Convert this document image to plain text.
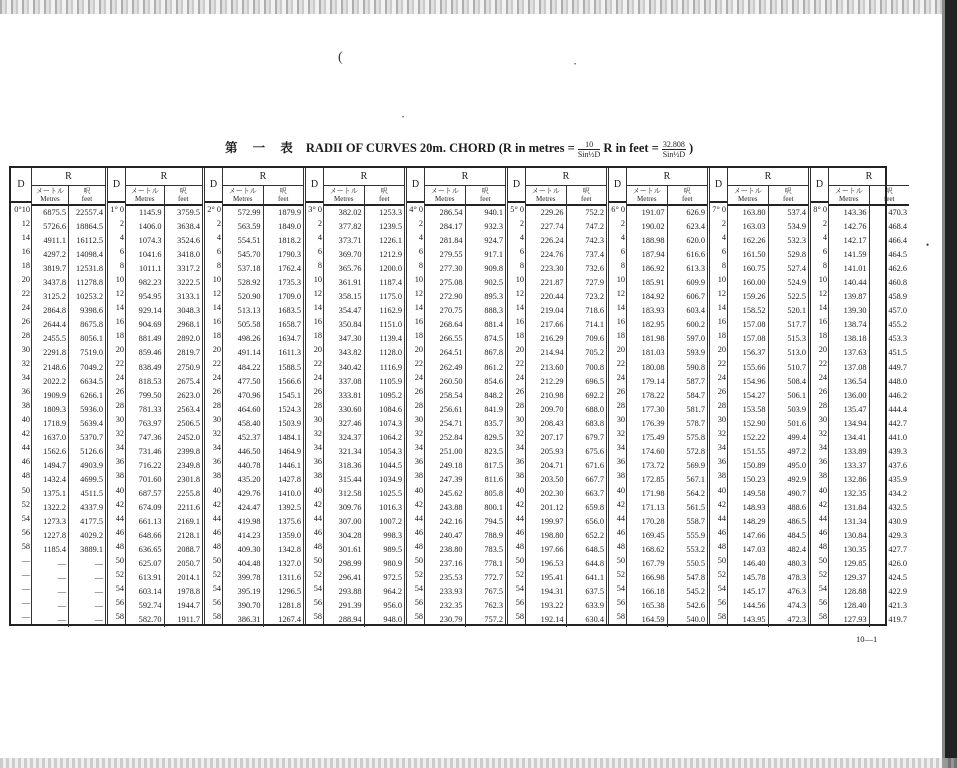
(	•
•
•
第 一 表 RADII OF CURVES 20m. CHORD (R in metres = $\frac{10}{\text{Sin½D}}$ R in feet = $\frac{32.808}{\text{Sin½D}}$ )
D
0°10
12
14
16
18
20
22
24
26
28
30
32
34
36
38
40
42
44
46
48
50
52
54
56
58
—
—
—
—
—
R
メートル
Metres
呎
feet
6875.5
5726.6
4911.1
4297.2
3819.7
3437.8
3125.2
2864.8
2644.4
2455.5
2291.8
2148.6
2022.2
1909.9
1809.3
1718.9
1637.0
1562.6
1494.7
1432.4
1375.1
1322.2
1273.3
1227.8
1185.4
—
—
—
—
—
22557.4
18864.5
16112.5
14098.4
12531.8
11278.8
10253.2
9398.6
8675.8
8056.1
7519.0
7049.2
6634.5
6266.1
5936.0
5639.4
5370.7
5126.6
4903.9
4699.5
4511.5
4337.9
4177.5
4029.2
3889.1
—
—
—
—
—
D
1° 0
2
4
6
8
10
12
14
16
18
20
22
24
26
28
30
32
34
36
38
40
42
44
46
48
50
52
54
56
58
R
メートル
Metres
呎
feet
1145.9
1406.0
1074.3
1041.6
1011.1
982.23
954.95
929.14
904.69
881.49
859.46
838.49
818.53
799.50
781.33
763.97
747.36
731.46
716.22
701.60
687.57
674.09
661.13
648.66
636.65
625.07
613.91
603.14
592.74
582.70
3759.5
3638.4
3524.6
3418.0
3317.2
3222.5
3133.1
3048.3
2968.1
2892.0
2819.7
2750.9
2675.4
2623.0
2563.4
2506.5
2452.0
2399.8
2349.8
2301.8
2255.8
2211.6
2169.1
2128.1
2088.7
2050.7
2014.1
1978.8
1944.7
1911.7
D
2° 0
2
4
6
8
10
12
14
16
18
20
22
24
26
28
30
32
34
36
38
40
42
44
46
48
50
52
54
56
58
R
メートル
Metres
呎
feet
572.99
563.59
554.51
545.70
537.18
528.92
520.90
513.13
505.58
498.26
491.14
484.22
477.50
470.96
464.60
458.40
452.37
446.50
440.78
435.20
429.76
424.47
419.98
414.23
409.30
404.48
399.78
395.19
390.70
386.31
1879.9
1849.0
1818.2
1790.3
1762.4
1735.3
1709.0
1683.5
1658.7
1634.7
1611.3
1588.5
1566.6
1545.1
1524.3
1503.9
1484.1
1464.9
1446.1
1427.8
1410.0
1392.5
1375.6
1359.0
1342.8
1327.0
1311.6
1296.5
1281.8
1267.4
D
3° 0
2
4
6
8
10
12
14
16
18
20
22
24
26
28
30
32
34
36
38
40
42
44
46
48
50
52
54
56
58
R
メートル
Metres
呎
feet
382.02
377.82
373.71
369.70
365.76
361.91
358.15
354.47
350.84
347.30
343.82
340.42
337.08
333.81
330.60
327.46
324.37
321.34
318.36
315.44
312.58
309.76
307.00
304.28
301.61
298.99
296.41
293.88
291.39
288.94
1253.3
1239.5
1226.1
1212.9
1200.0
1187.4
1175.0
1162.9
1151.0
1139.4
1128.0
1116.9
1105.9
1095.2
1084.6
1074.3
1064.2
1054.3
1044.5
1034.9
1025.5
1016.3
1007.2
998.3
989.5
980.9
972.5
964.2
956.0
948.0
D
4° 0
2
4
6
8
10
12
14
16
18
20
22
24
26
28
30
32
34
36
38
40
42
44
46
48
50
52
54
56
58
R
メートル
Metres
呎
feet
286.54
284.17
281.84
279.55
277.30
275.08
272.90
270.75
268.64
266.55
264.51
262.49
260.50
258.54
256.61
254.71
252.84
251.00
249.18
247.39
245.62
243.88
242.16
240.47
238.80
237.16
235.53
233.93
232.35
230.79
940.1
932.3
924.7
917.1
909.8
902.5
895.3
888.3
881.4
874.5
867.8
861.2
854.6
848.2
841.9
835.7
829.5
823.5
817.5
811.6
805.8
800.1
794.5
788.9
783.5
778.1
772.7
767.5
762.3
757.2
D
5° 0
2
4
6
8
10
12
14
16
18
20
22
24
26
28
30
32
34
36
38
40
42
44
46
48
50
52
54
56
58
R
メートル
Metres
呎
feet
229.26
227.74
226.24
224.76
223.30
221.87
220.44
219.04
217.66
216.29
214.94
213.60
212.29
210.98
209.70
208.43
207.17
205.93
204.71
203.50
202.30
201.12
199.97
198.80
197.66
196.53
195.41
194.31
193.22
192.14
752.2
747.2
742.3
737.4
732.6
727.9
723.2
718.6
714.1
709.6
705.2
700.8
696.5
692.2
688.0
683.8
679.7
675.6
671.6
667.7
663.7
659.8
656.0
652.2
648.5
644.8
641.1
637.5
633.9
630.4
D
6° 0
2
4
6
8
10
12
14
16
18
20
22
24
26
28
30
32
34
36
38
40
42
44
46
48
50
52
54
56
58
R
メートル
Metres
呎
feet
191.07
190.02
188.98
187.94
186.92
185.91
184.92
183.93
182.95
181.98
181.03
180.08
179.14
178.22
177.30
176.39
175.49
174.60
173.72
172.85
171.98
171.13
170.28
169.45
168.62
167.79
166.98
166.18
165.38
164.59
626.9
623.4
620.0
616.6
613.3
609.9
606.7
603.4
600.2
597.0
593.9
590.8
587.7
584.7
581.7
578.7
575.8
572.8
569.9
567.1
564.2
561.5
558.7
555.9
553.2
550.5
547.8
545.2
542.6
540.0
D
7° 0
2
4
6
8
10
12
14
16
18
20
22
24
26
28
30
32
34
36
38
40
42
44
46
48
50
52
54
56
58
R
メートル
Metres
呎
feet
163.80
163.03
162.26
161.50
160.75
160.00
159.26
158.52
157.08
157.08
156.37
155.66
154.96
154.27
153.58
152.90
152.22
151.55
150.89
150.23
149.58
148.93
148.29
147.66
147.03
146.40
145.78
145.17
144.56
143.95
537.4
534.9
532.3
529.8
527.4
524.9
522.5
520.1
517.7
515.3
513.0
510.7
508.4
506.1
503.9
501.6
499.4
497.2
495.0
492.9
490.7
488.6
486.5
484.5
482.4
480.3
478.3
476.3
474.3
472.3
D
8° 0
2
4
6
8
10
12
14
16
18
20
22
24
26
28
30
32
34
36
38
40
42
44
46
48
50
52
54
56
58
R
メートル
Metres
呎
feet
143.36
142.76
142.17
141.59
141.01
140.44
139.87
139.30
138.74
138.18
137.63
137.08
136.54
136.00
135.47
134.94
134.41
133.89
133.37
132.86
132.35
131.84
131.34
130.84
130.35
129.85
129.37
128.88
128.40
127.93
470.3
468.4
466.4
464.5
462.6
460.8
458.9
457.0
455.2
453.3
451.5
449.7
448.0
446.2
444.4
442.7
441.0
439.3
437.6
435.9
434.2
432.5
430.9
429.3
427.7
426.0
424.5
422.9
421.3
419.7
10—1
